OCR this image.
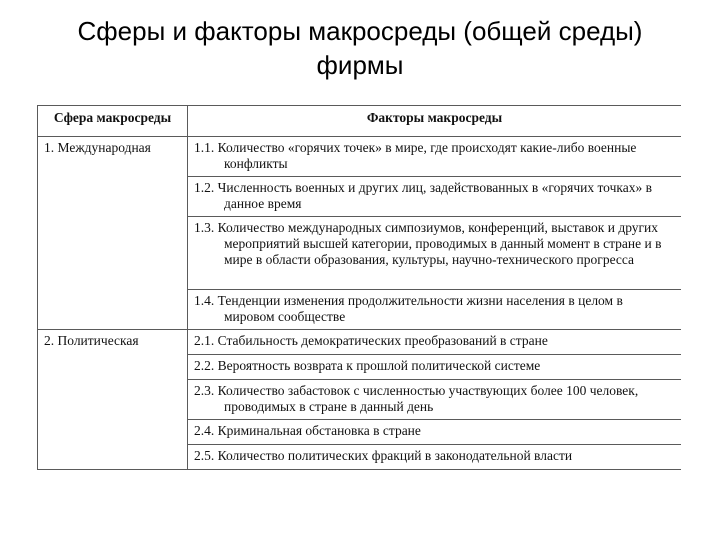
Сферы и факторы макросреды (общей среды) фирмы
Сфера макросреды	Факторы макросреды
1. Международная	1.1. Количество «горячих точек» в мире, где происходят какие-либо военные конфликты
	1.2. Численность военных и других лиц, задействованных в «горячих точках» в данное время
	1.3. Количество международных симпозиумов, конференций, выставок и других мероприятий высшей категории, проводимых в данный момент в стране и в мире в области образования, культуры, научно-технического прогресса
	1.4. Тенденции изменения продолжительности жизни населения в целом в мировом сообществе
2. Политическая	2.1. Стабильность демократических преобразований в стране
	2.2. Вероятность возврата к прошлой политической системе
	2.3. Количество забастовок с численностью участвующих более 100 человек, проводимых в стране в данный день
	2.4. Криминальная обстановка в стране
	2.5. Количество политических фракций в законодательной власти
